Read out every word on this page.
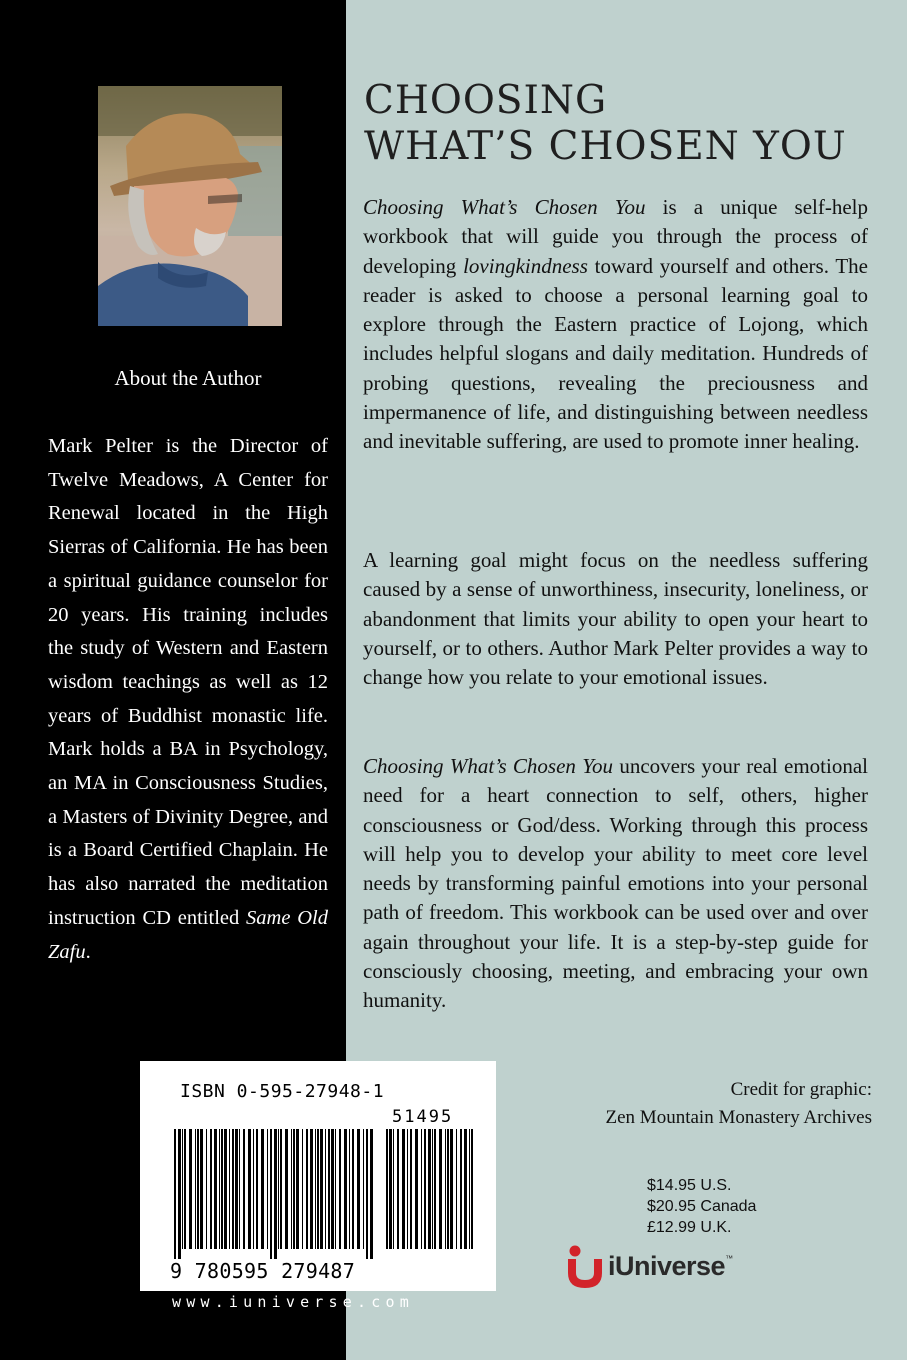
About the Author
Mark Pelter is the Director of Twelve Meadows, A Center for Renewal located in the High Sierras of California. He has been a spiritual guidance counselor for 20 years. His training includes the study of Western and Eastern wisdom teachings as well as 12 years of Buddhist monastic life. Mark holds a BA in Psychology, an MA in Consciousness Studies, a Masters of Divinity Degree, and is a Board Certified Chaplain. He has also narrated the meditation instruction CD entitled Same Old Zafu.
CHOOSING
WHAT’S CHOSEN YOU

Choosing What’s Chosen You is a unique self-help workbook that will guide you through the process of developing lovingkindness toward yourself and others. The reader is asked to choose a personal learning goal to explore through the Eastern practice of Lojong, which includes helpful slogans and daily meditation. Hundreds of probing questions, revealing the preciousness and impermanence of life, and distinguishing between needless and inevitable suffering, are used to promote inner healing.

A learning goal might focus on the needless suffering caused by a sense of unworthiness, insecurity, loneliness, or abandonment that limits your ability to open your heart to yourself, or to others. Author Mark Pelter provides a way to change how you relate to your emotional issues.

Choosing What’s Chosen You uncovers your real emotional need for a heart connection to self, others, higher consciousness or God/dess. Working through this process will help you to develop your ability to meet core level needs by transforming painful emotions into your personal path of freedom. This workbook can be used over and over again throughout your life. It is a step-by-step guide for consciously choosing, meeting, and embracing your own humanity.

Credit for graphic:
Zen Mountain Monastery Archives
$14.95 U.S.
$20.95 Canada
£12.99 U.K.
iUniverse ™
ISBN 0-595-27948-1
51495
9 780595 279487
www.iuniverse.com
